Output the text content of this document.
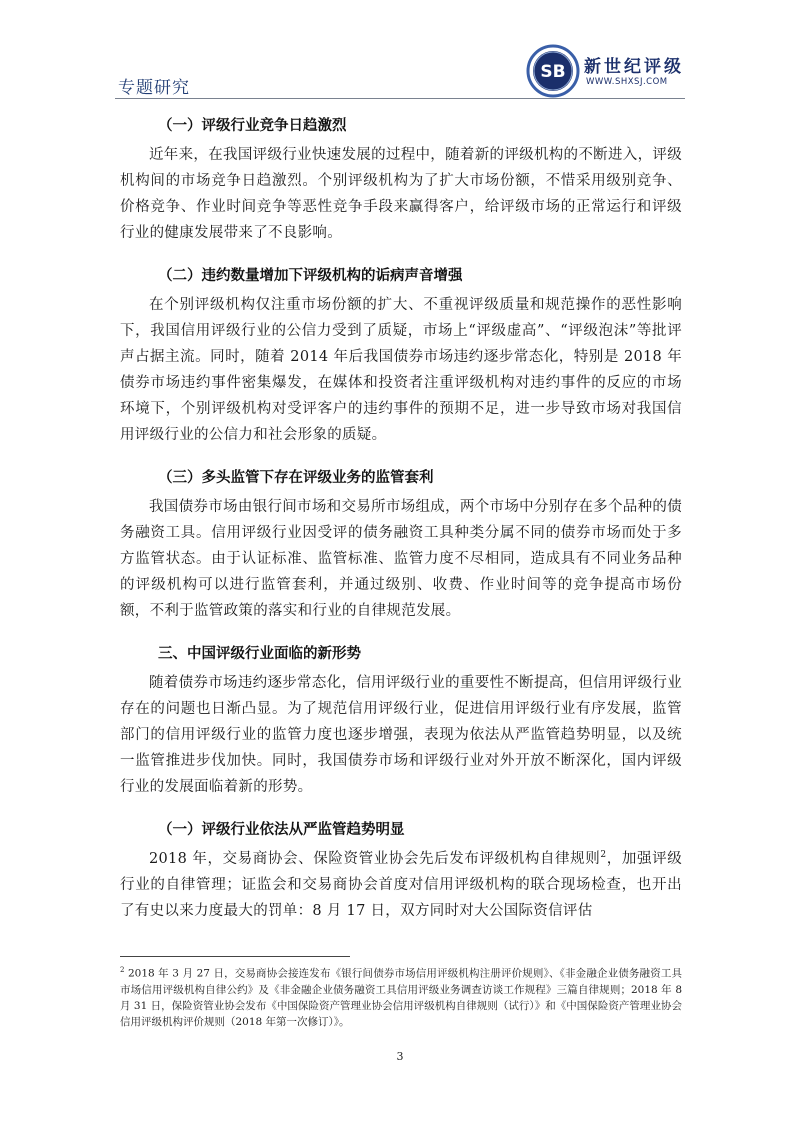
专题研究
SB 新世纪评级
WWW.SHXSJ.COM

（一）评级行业竞争日趋激烈

近年来，在我国评级行业快速发展的过程中，随着新的评级机构的不断进入，评级机构间的市场竞争日趋激烈。个别评级机构为了扩大市场份额，不惜采用级别竞争、价格竞争、作业时间竞争等恶性竞争手段来赢得客户，给评级市场的正常运行和评级行业的健康发展带来了不良影响。

（二）违约数量增加下评级机构的诟病声音增强

在个别评级机构仅注重市场份额的扩大、不重视评级质量和规范操作的恶性影响下，我国信用评级行业的公信力受到了质疑，市场上“评级虚高”、“评级泡沫”等批评声占据主流。同时，随着 2014 年后我国债券市场违约逐步常态化，特别是 2018 年债券市场违约事件密集爆发，在媒体和投资者注重评级机构对违约事件的反应的市场环境下，个别评级机构对受评客户的违约事件的预期不足，进一步导致市场对我国信用评级行业的公信力和社会形象的质疑。

（三）多头监管下存在评级业务的监管套利

我国债券市场由银行间市场和交易所市场组成，两个市场中分别存在多个品种的债务融资工具。信用评级行业因受评的债务融资工具种类分属不同的债券市场而处于多方监管状态。由于认证标准、监管标准、监管力度不尽相同，造成具有不同业务品种的评级机构可以进行监管套利，并通过级别、收费、作业时间等的竞争提高市场份额，不利于监管政策的落实和行业的自律规范发展。

三、中国评级行业面临的新形势

随着债券市场违约逐步常态化，信用评级行业的重要性不断提高，但信用评级行业存在的问题也日渐凸显。为了规范信用评级行业，促进信用评级行业有序发展，监管部门的信用评级行业的监管力度也逐步增强，表现为依法从严监管趋势明显，以及统一监管推进步伐加快。同时，我国债券市场和评级行业对外开放不断深化，国内评级行业的发展面临着新的形势。

（一）评级行业依法从严监管趋势明显

2018 年，交易商协会、保险资管业协会先后发布评级机构自律规则$^2$，加强评级行业的自律管理；证监会和交易商协会首度对信用评级机构的联合现场检查，也开出了有史以来力度最大的罚单：8 月 17 日，双方同时对大公国际资信评估

$^2$ 2018 年 3 月 27 日，交易商协会接连发布《银行间债券市场信用评级机构注册评价规则》、《非金融企业债务融资工具市场信用评级机构自律公约》及《非金融企业债务融资工具信用评级业务调查访谈工作规程》三篇自律规则；2018 年 8 月 31 日，保险资管业协会发布《中国保险资产管理业协会信用评级机构自律规则（试行）》和《中国保险资产管理业协会信用评级机构评价规则（2018 年第一次修订）》。
3
